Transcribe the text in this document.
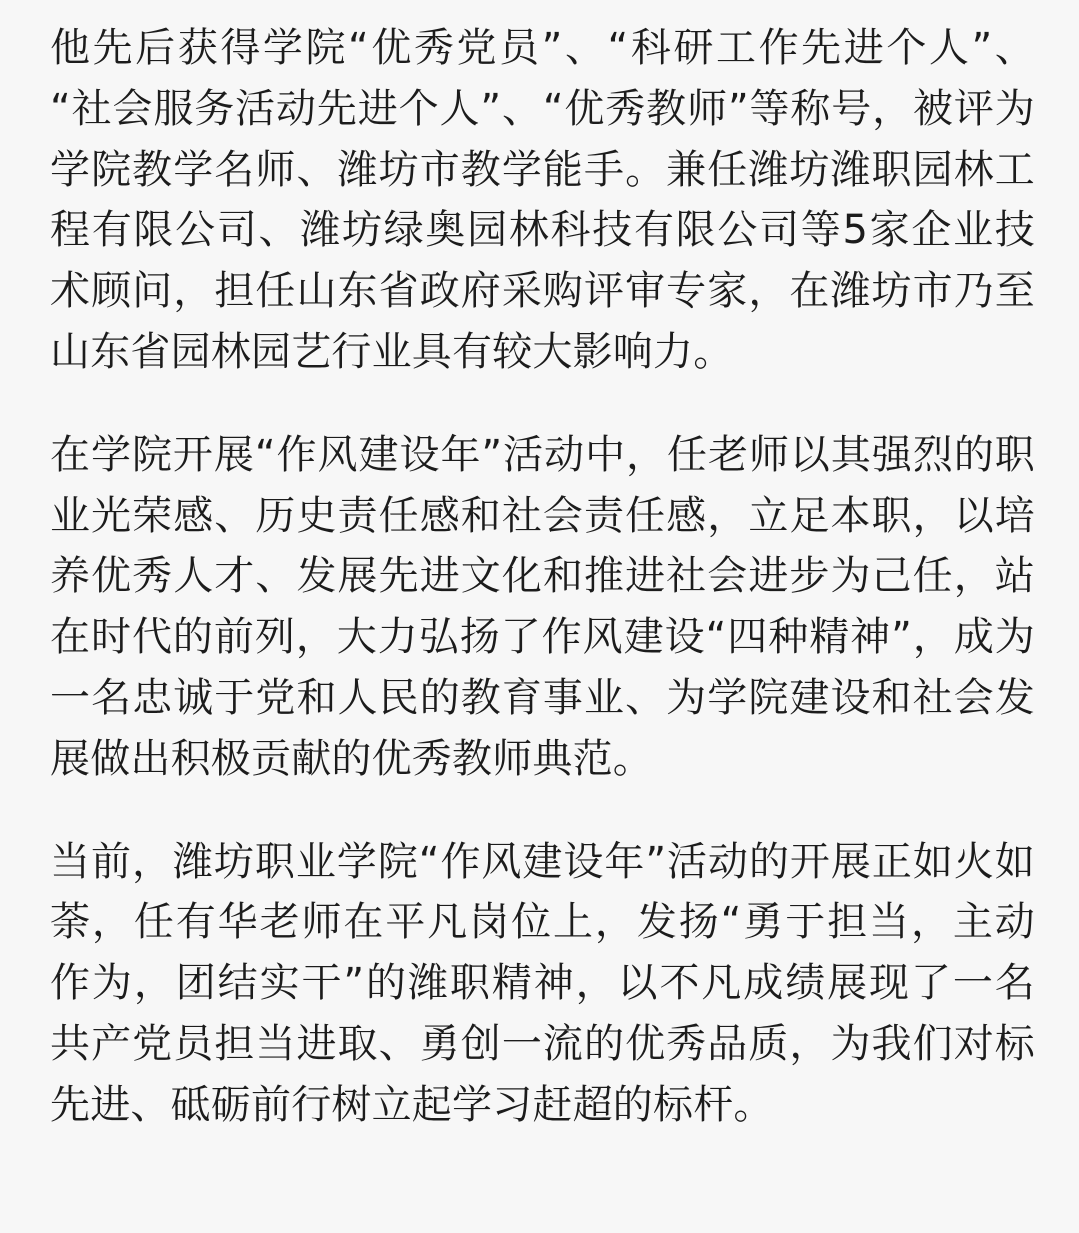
他先后获得学院“优秀党员”、“科研工作先进个人”、“社会服务活动先进个人”、“优秀教师”等称号，被评为学院教学名师、潍坊市教学能手。兼任潍坊潍职园林工程有限公司、潍坊绿奥园林科技有限公司等5家企业技术顾问，担任山东省政府采购评审专家，在潍坊市乃至山东省园林园艺行业具有较大影响力。

在学院开展“作风建设年”活动中，任老师以其强烈的职业光荣感、历史责任感和社会责任感，立足本职，以培养优秀人才、发展先进文化和推进社会进步为己任，站在时代的前列，大力弘扬了作风建设“四种精神”，成为一名忠诚于党和人民的教育事业、为学院建设和社会发展做出积极贡献的优秀教师典范。

当前，潍坊职业学院“作风建设年”活动的开展正如火如荼，任有华老师在平凡岗位上，发扬“勇于担当，主动作为，团结实干”的潍职精神，以不凡成绩展现了一名共产党员担当进取、勇创一流的优秀品质，为我们对标先进、砥砺前行树立起学习赶超的标杆。
